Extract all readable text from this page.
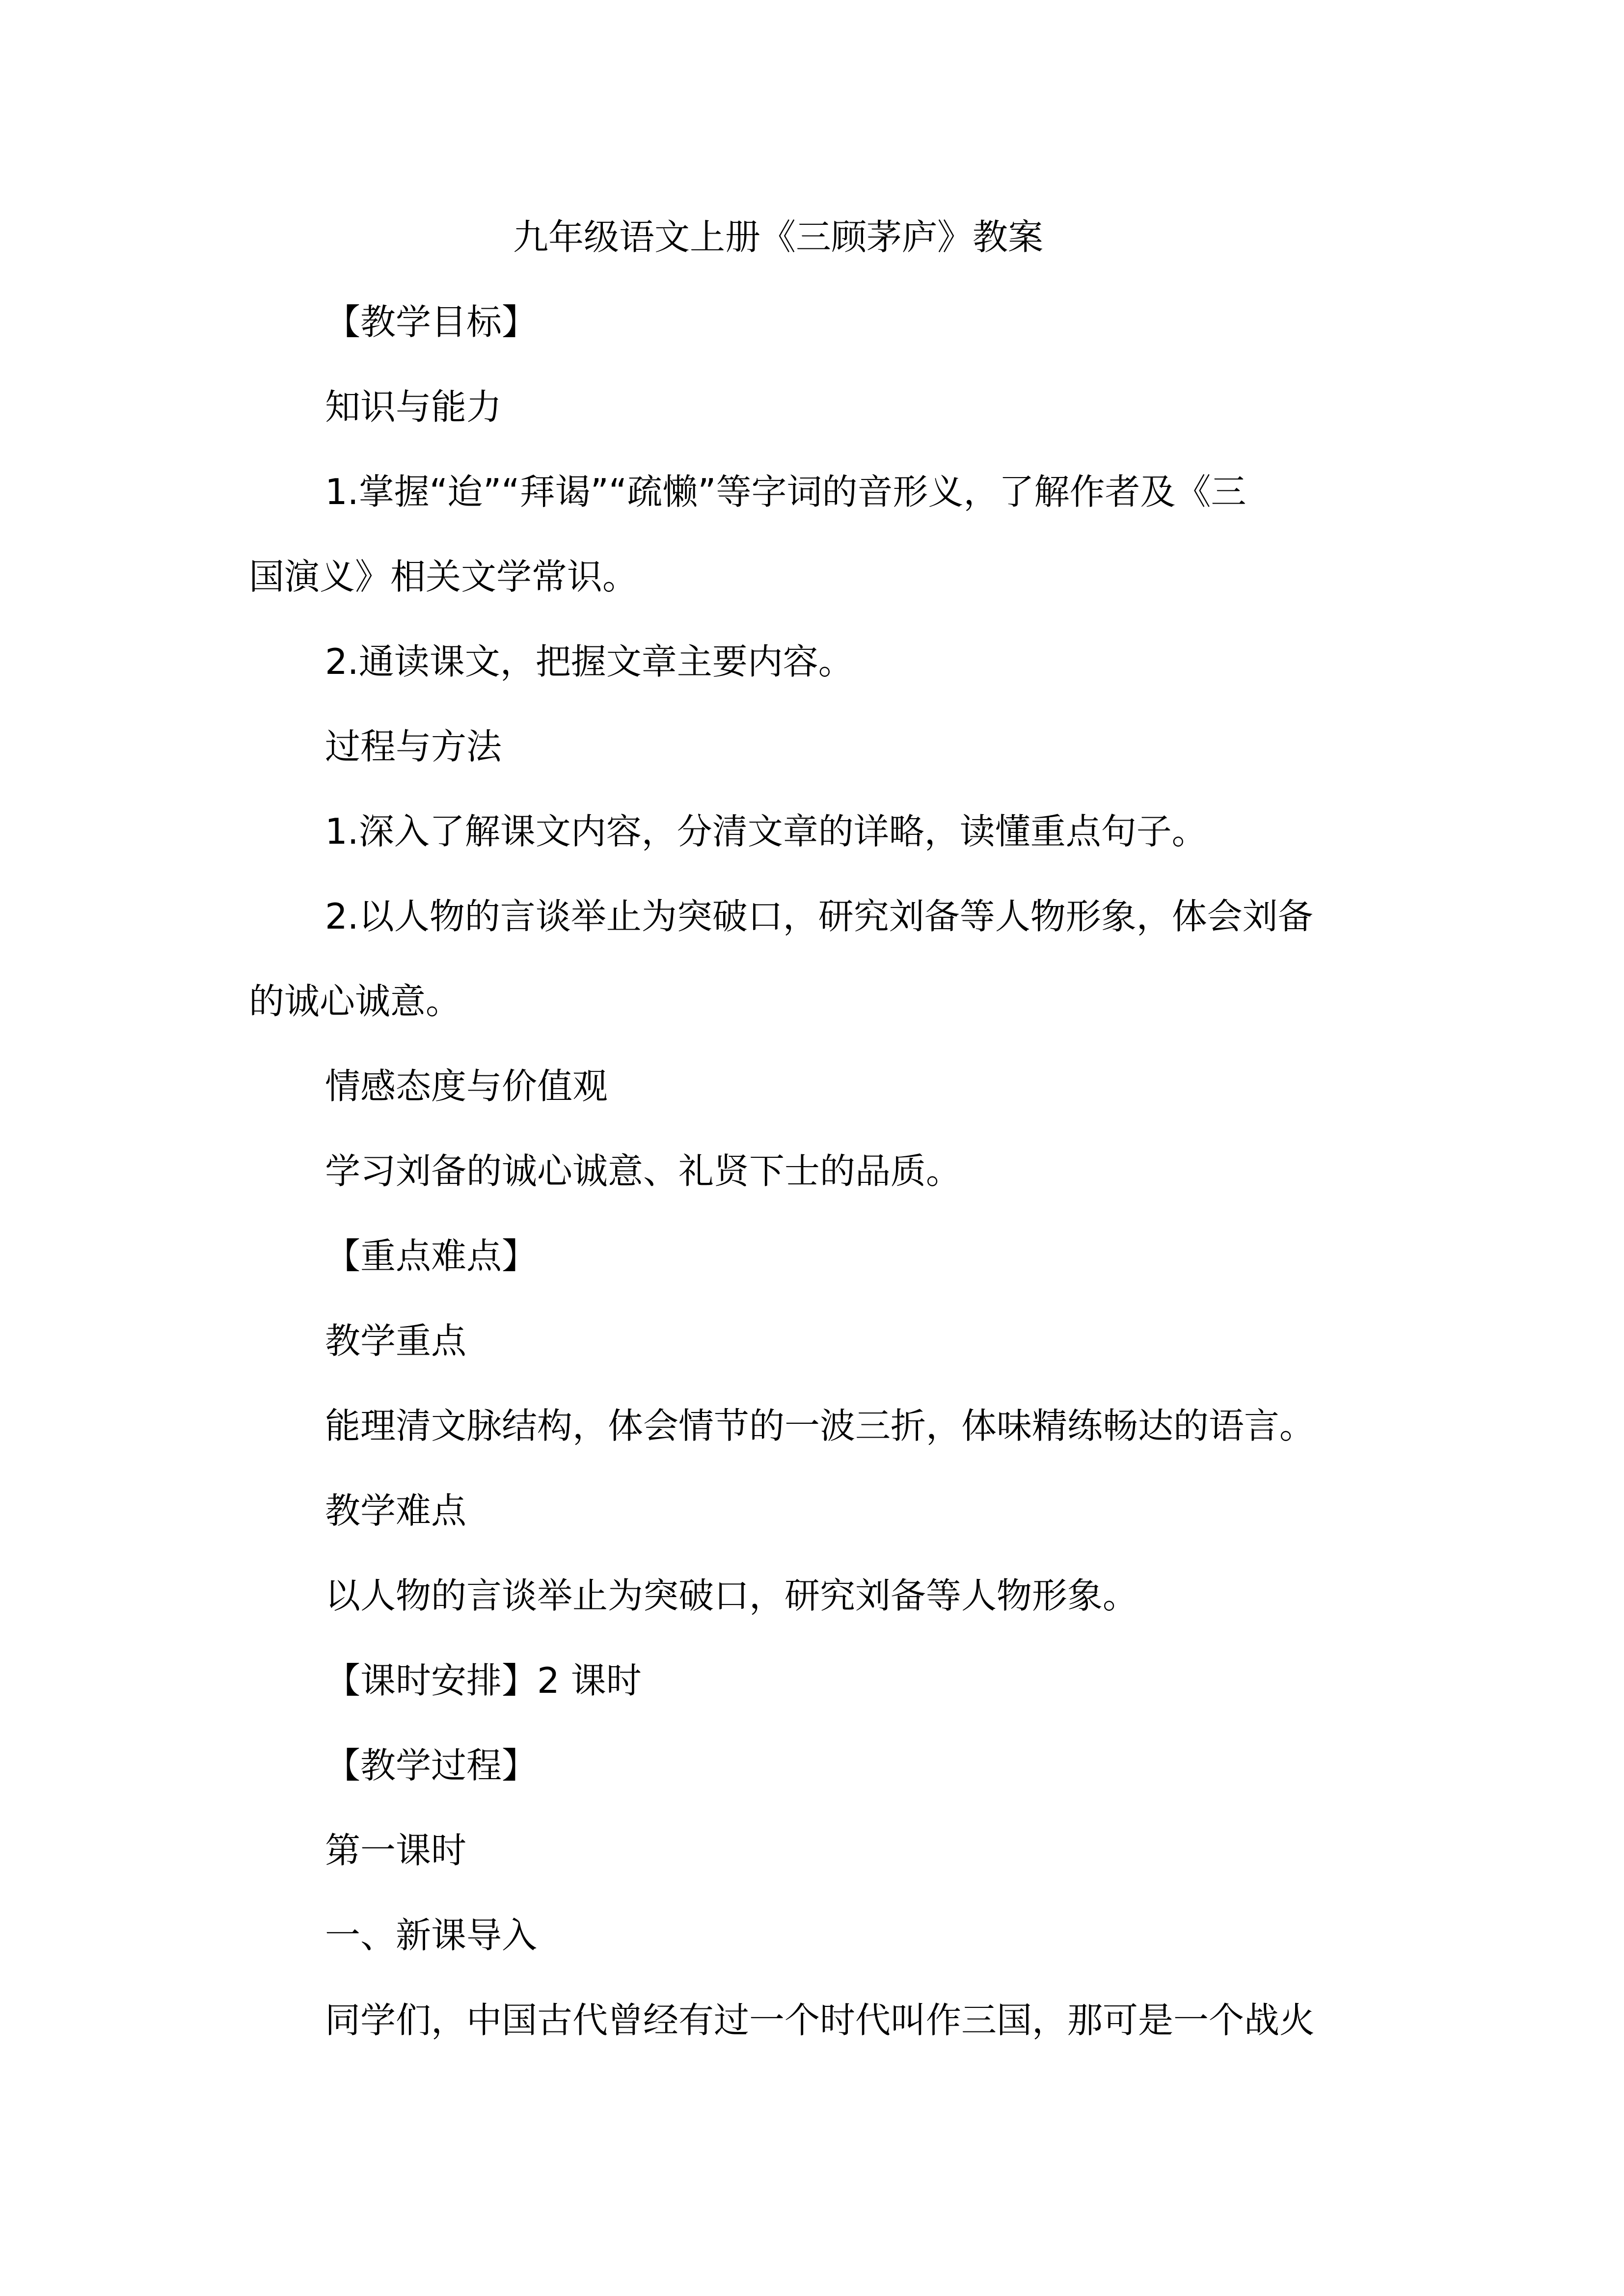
九年级语文上册《三顾茅庐》教案

【教学目标】

知识与能力

1.掌握“迨”“拜谒”“疏懒”等字词的音形义，了解作者及《三

国演义》相关文学常识。

2.通读课文，把握文章主要内容。

过程与方法

1.深入了解课文内容，分清文章的详略，读懂重点句子。

2.以人物的言谈举止为突破口，研究刘备等人物形象，体会刘备

的诚心诚意。

情感态度与价值观

学习刘备的诚心诚意、礼贤下士的品质。

【重点难点】

教学重点

能理清文脉结构，体会情节的一波三折，体味精练畅达的语言。

教学难点

以人物的言谈举止为突破口，研究刘备等人物形象。

【课时安排】2 课时

【教学过程】

第一课时

一、新课导入

同学们，中国古代曾经有过一个时代叫作三国，那可是一个战火
